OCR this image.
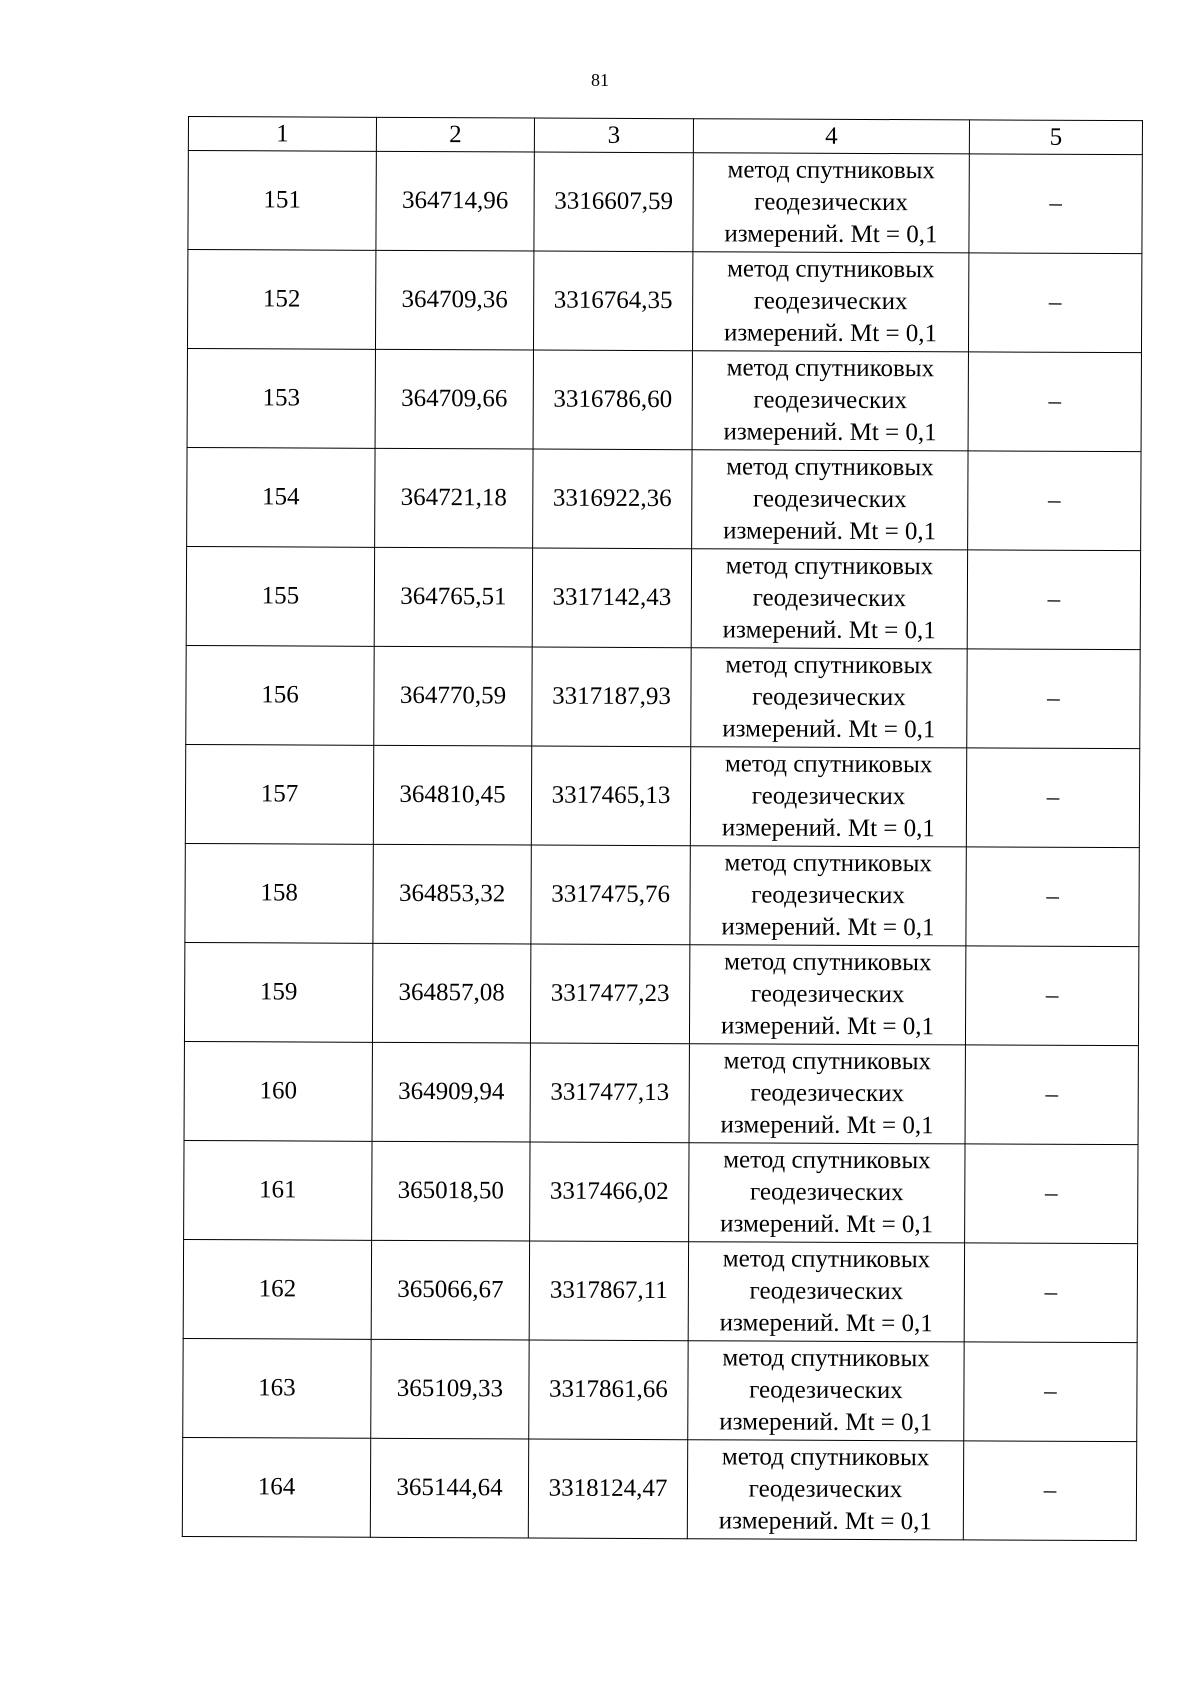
81
1	2	3	4	5
151	364714,96	3316607,59	метод спутниковых
геодезических
измерений. Mt = 0,1	–
152	364709,36	3316764,35	метод спутниковых
геодезических
измерений. Mt = 0,1	–
153	364709,66	3316786,60	метод спутниковых
геодезических
измерений. Mt = 0,1	–
154	364721,18	3316922,36	метод спутниковых
геодезических
измерений. Mt = 0,1	–
155	364765,51	3317142,43	метод спутниковых
геодезических
измерений. Mt = 0,1	–
156	364770,59	3317187,93	метод спутниковых
геодезических
измерений. Mt = 0,1	–
157	364810,45	3317465,13	метод спутниковых
геодезических
измерений. Mt = 0,1	–
158	364853,32	3317475,76	метод спутниковых
геодезических
измерений. Mt = 0,1	–
159	364857,08	3317477,23	метод спутниковых
геодезических
измерений. Mt = 0,1	–
160	364909,94	3317477,13	метод спутниковых
геодезических
измерений. Mt = 0,1	–
161	365018,50	3317466,02	метод спутниковых
геодезических
измерений. Mt = 0,1	–
162	365066,67	3317867,11	метод спутниковых
геодезических
измерений. Mt = 0,1	–
163	365109,33	3317861,66	метод спутниковых
геодезических
измерений. Mt = 0,1	–
164	365144,64	3318124,47	метод спутниковых
геодезических
измерений. Mt = 0,1	–
